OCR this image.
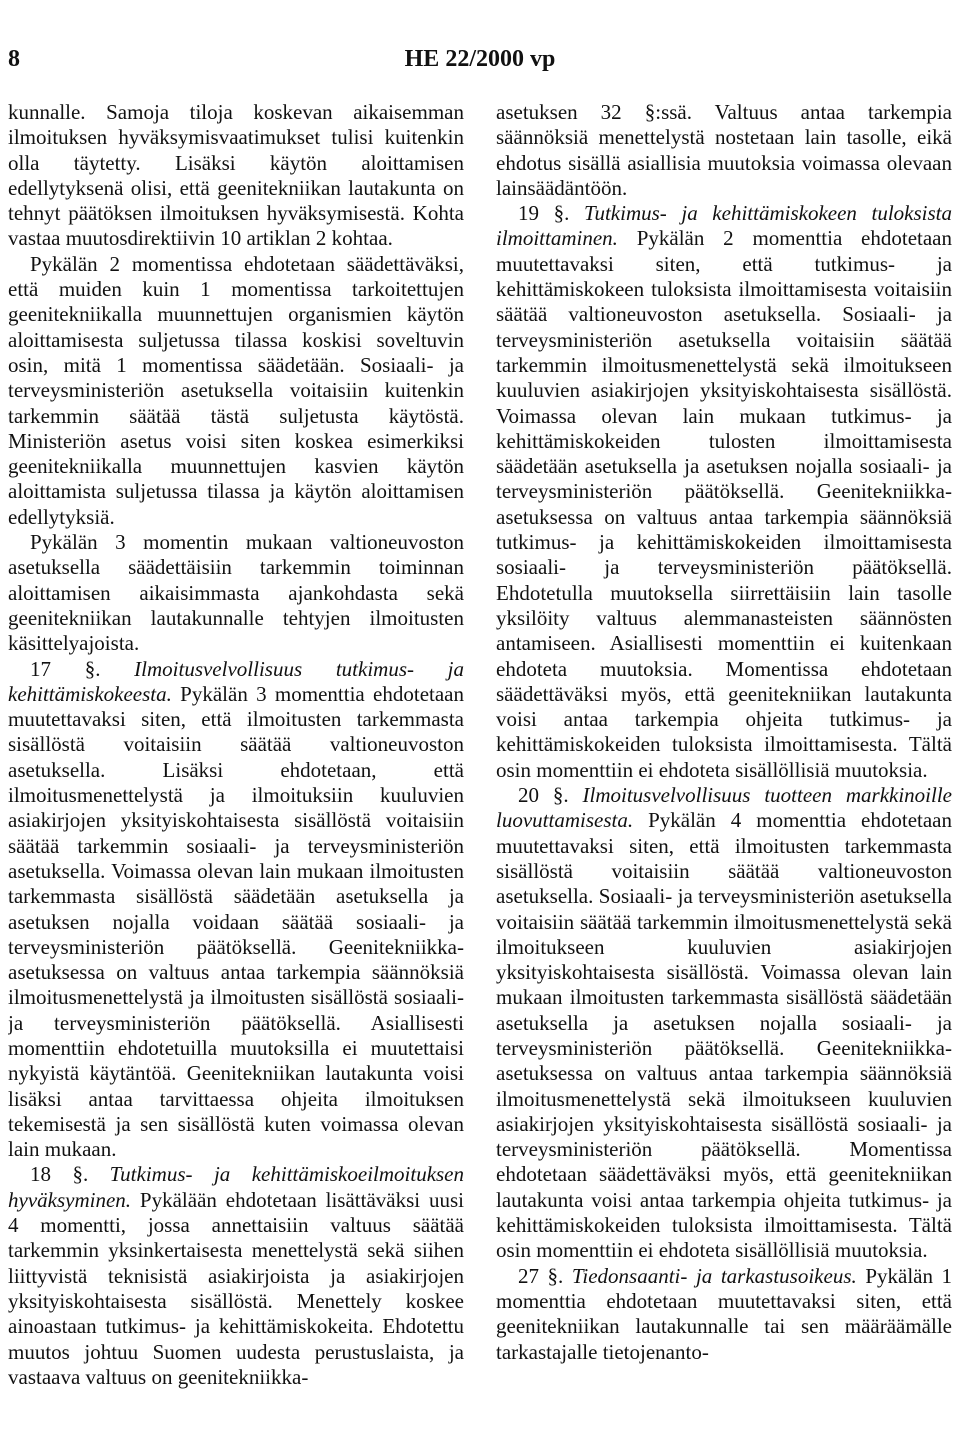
8	HE 22/2000 vp

kunnalle. Samoja tiloja koskevan aikaisemman ilmoituksen hyväksymisvaatimukset tulisi kuitenkin olla täytetty. Lisäksi käytön aloittamisen edellytyksenä olisi, että geenitekniikan lautakunta on tehnyt päätöksen ilmoituksen hyväksymisestä. Kohta vastaa muutosdirektiivin 10 artiklan 2 kohtaa.

Pykälän 2 momentissa ehdotetaan säädettäväksi, että muiden kuin 1 momentissa tarkoitettujen geenitekniikalla muunnettujen organismien käytön aloittamisesta suljetussa tilassa koskisi soveltuvin osin, mitä 1 momentissa säädetään. Sosiaali- ja terveysministeriön asetuksella voitaisiin kuitenkin tarkemmin säätää tästä suljetusta käytöstä. Ministeriön asetus voisi siten koskea esimerkiksi geenitekniikalla muunnettujen kasvien käytön aloittamista suljetussa tilassa ja käytön aloittamisen edellytyksiä.

Pykälän 3 momentin mukaan valtioneuvoston asetuksella säädettäisiin tarkemmin toiminnan aloittamisen aikaisimmasta ajankohdasta sekä geenitekniikan lautakunnalle tehtyjen ilmoitusten käsittelyajoista.

17 §. Ilmoitusvelvollisuus tutkimus- ja kehittämiskokeesta. Pykälän 3 momenttia ehdotetaan muutettavaksi siten, että ilmoitusten tarkemmasta sisällöstä voitaisiin säätää valtioneuvoston asetuksella. Lisäksi ehdotetaan, että ilmoitusmenettelystä ja ilmoituksiin kuuluvien asiakirjojen yksityiskohtaisesta sisällöstä voitaisiin säätää tarkemmin sosiaali- ja terveysministeriön asetuksella. Voimassa olevan lain mukaan ilmoitusten tarkemmasta sisällöstä säädetään asetuksella ja asetuksen nojalla voidaan säätää sosiaali- ja terveysministeriön päätöksellä. Geenitekniikka-asetuksessa on valtuus antaa tarkempia säännöksiä ilmoitusmenettelystä ja ilmoitusten sisällöstä sosiaali- ja terveysministeriön päätöksellä. Asiallisesti momenttiin ehdotetuilla muutoksilla ei muutettaisi nykyistä käytäntöä. Geenitekniikan lautakunta voisi lisäksi antaa tarvittaessa ohjeita ilmoituksen tekemisestä ja sen sisällöstä kuten voimassa olevan lain mukaan.

18 §. Tutkimus- ja kehittämiskoeilmoituksen hyväksyminen. Pykälään ehdotetaan lisättäväksi uusi 4 momentti, jossa annettaisiin valtuus säätää tarkemmin yksinkertaisesta menettelystä sekä siihen liittyvistä teknisistä asiakirjoista ja asiakirjojen yksityiskohtaisesta sisällöstä. Menettely koskee ainoastaan tutkimus- ja kehittämiskokeita. Ehdotettu muutos johtuu Suomen uudesta perustuslaista, ja vastaava valtuus on geenitekniikka-

asetuksen 32 §:ssä. Valtuus antaa tarkempia säännöksiä menettelystä nostetaan lain tasolle, eikä ehdotus sisällä asiallisia muutoksia voimassa olevaan lainsäädäntöön.

19 §. Tutkimus- ja kehittämiskokeen tuloksista ilmoittaminen. Pykälän 2 momenttia ehdotetaan muutettavaksi siten, että tutkimus- ja kehittämiskokeen tuloksista ilmoittamisesta voitaisiin säätää valtioneuvoston asetuksella. Sosiaali- ja terveysministeriön asetuksella voitaisiin säätää tarkemmin ilmoitusmenettelystä sekä ilmoitukseen kuuluvien asiakirjojen yksityiskohtaisesta sisällöstä. Voimassa olevan lain mukaan tutkimus- ja kehittämiskokeiden tulosten ilmoittamisesta säädetään asetuksella ja asetuksen nojalla sosiaali- ja terveysministeriön päätöksellä. Geenitekniikka-asetuksessa on valtuus antaa tarkempia säännöksiä tutkimus- ja kehittämiskokeiden ilmoittamisesta sosiaali- ja terveysministeriön päätöksellä. Ehdotetulla muutoksella siirrettäisiin lain tasolle yksilöity valtuus alemmanasteisten säännösten antamiseen. Asiallisesti momenttiin ei kuitenkaan ehdoteta muutoksia. Momentissa ehdotetaan säädettäväksi myös, että geenitekniikan lautakunta voisi antaa tarkempia ohjeita tutkimus- ja kehittämiskokeiden tuloksista ilmoittamisesta. Tältä osin momenttiin ei ehdoteta sisällöllisiä muutoksia.

20 §. Ilmoitusvelvollisuus tuotteen markkinoille luovuttamisesta. Pykälän 4 momenttia ehdotetaan muutettavaksi siten, että ilmoitusten tarkemmasta sisällöstä voitaisiin säätää valtioneuvoston asetuksella. Sosiaali- ja terveysministeriön asetuksella voitaisiin säätää tarkemmin ilmoitusmenettelystä sekä ilmoitukseen kuuluvien asiakirjojen yksityiskohtaisesta sisällöstä. Voimassa olevan lain mukaan ilmoitusten tarkemmasta sisällöstä säädetään asetuksella ja asetuksen nojalla sosiaali- ja terveysministeriön päätöksellä. Geenitekniikka-asetuksessa on valtuus antaa tarkempia säännöksiä ilmoitusmenettelystä sekä ilmoitukseen kuuluvien asiakirjojen yksityiskohtaisesta sisällöstä sosiaali- ja terveysministeriön päätöksellä. Momentissa ehdotetaan säädettäväksi myös, että geenitekniikan lautakunta voisi antaa tarkempia ohjeita tutkimus- ja kehittämiskokeiden tuloksista ilmoittamisesta. Tältä osin momenttiin ei ehdoteta sisällöllisiä muutoksia.

27 §. Tiedonsaanti- ja tarkastusoikeus. Pykälän 1 momenttia ehdotetaan muutettavaksi siten, että geenitekniikan lautakunnalle tai sen määräämälle tarkastajalle tietojenanto-
